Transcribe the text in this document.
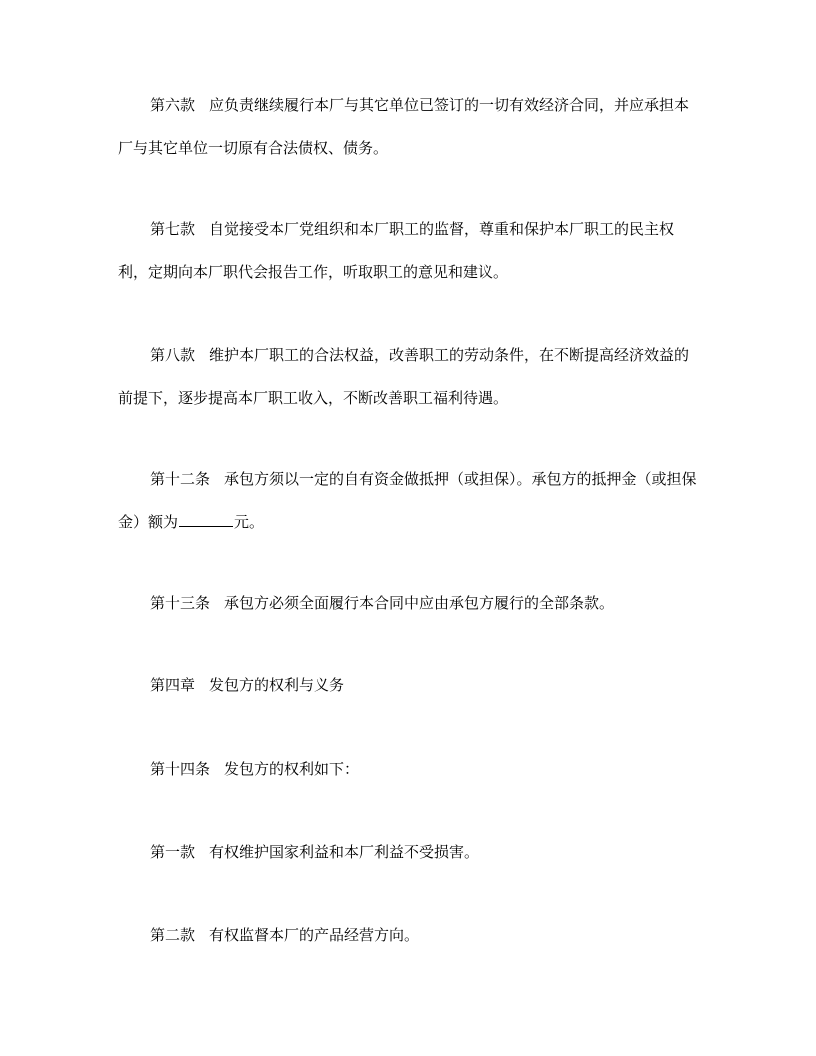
第六款 应负责继续履行本厂与其它单位已签订的一切有效经济合同，并应承担本厂与其它单位一切原有合法债权、债务。

第七款 自觉接受本厂党组织和本厂职工的监督，尊重和保护本厂职工的民主权利，定期向本厂职代会报告工作，听取职工的意见和建议。

第八款 维护本厂职工的合法权益，改善职工的劳动条件，在不断提高经济效益的前提下，逐步提高本厂职工收入，不断改善职工福利待遇。

第十二条 承包方须以一定的自有资金做抵押（或担保）。承包方的抵押金（或担保金）额为	元。

第十三条 承包方必须全面履行本合同中应由承包方履行的全部条款。

第四章 发包方的权利与义务

第十四条 发包方的权利如下：

第一款 有权维护国家利益和本厂利益不受损害。

第二款 有权监督本厂的产品经营方向。
